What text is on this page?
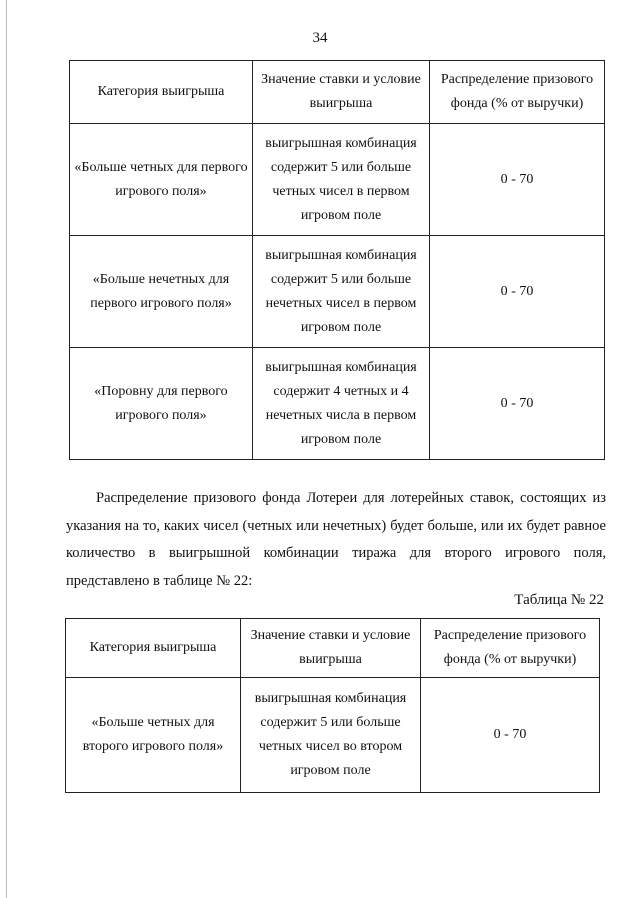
34
Категория выигрыша	Значение ставки и условие выигрыша	Распределение призового фонда (% от выручки)
«Больше четных для первого игрового поля»	выигрышная комбинация содержит 5 или больше четных чисел в первом игровом поле	0 - 70
«Больше нечетных для первого игрового поля»	выигрышная комбинация содержит 5 или больше нечетных чисел в первом игровом поле	0 - 70
«Поровну для первого игрового поля»	выигрышная комбинация содержит 4 четных и 4 нечетных числа в первом игровом поле	0 - 70
Распределение призового фонда Лотереи для лотерейных ставок, состоящих из указания на то, каких чисел (четных или нечетных) будет больше, или их будет равное количество в выигрышной комбинации тиража для второго игрового поля, представлено в таблице № 22:
Таблица № 22
Категория выигрыша	Значение ставки и условие выигрыша	Распределение призового фонда (% от выручки)
«Больше четных для второго игрового поля»	выигрышная комбинация содержит 5 или больше четных чисел во втором игровом поле	0 - 70
